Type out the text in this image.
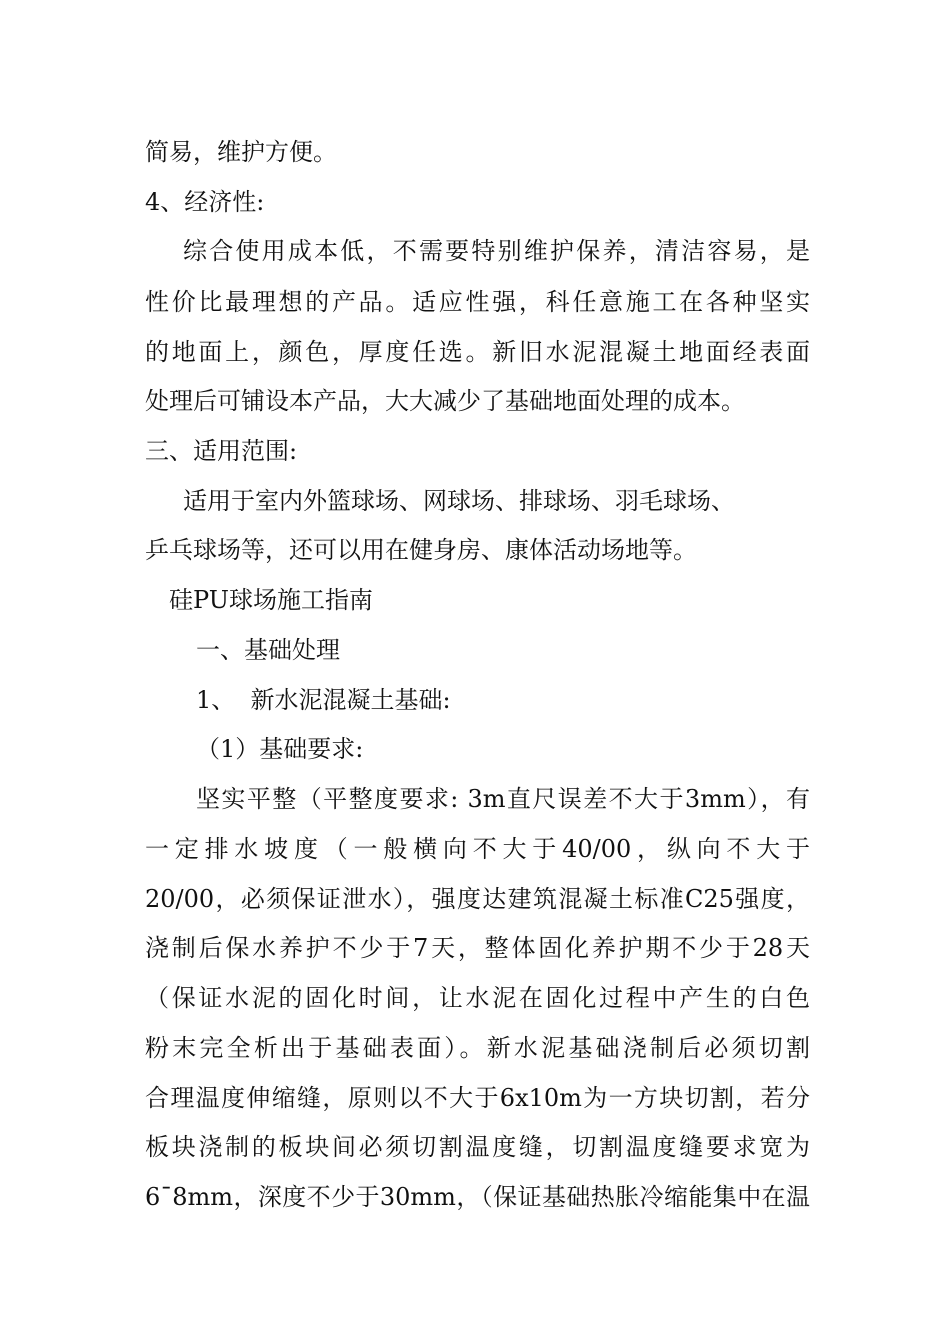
简易，维护方便。
4、经济性:
综合使用成本低，不需要特别维护保养，清洁容易，是
性价比最理想的产品。适应性强，科任意施工在各种坚实
的地面上，颜色，厚度任选。新旧水泥混凝土地面经表面
处理后可铺设本产品，大大减少了基础地面处理的成本。
三、适用范围:
适用于室内外篮球场、网球场、排球场、羽毛球场、
乒乓球场等，还可以用在健身房、康体活动场地等。
硅PU球场施工指南
一、基础处理
1、  新水泥混凝土基础:
（1）基础要求:
坚实平整（平整度要求: 3m直尺误差不大于3mm），有
一定排水坡度（一般横向不大于40/00，纵向不大于
20/00，必须保证泄水），强度达建筑混凝土标准C25强度，
浇制后保水养护不少于7天，整体固化养护期不少于28天
（保证水泥的固化时间，让水泥在固化过程中产生的白色
粉末完全析出于基础表面）。新水泥基础浇制后必须切割
合理温度伸缩缝，原则以不大于6x10m为一方块切割，若分
板块浇制的板块间必须切割温度缝，切割温度缝要求宽为
6¯8mm，深度不少于30mm，（保证基础热胀冷缩能集中在温
